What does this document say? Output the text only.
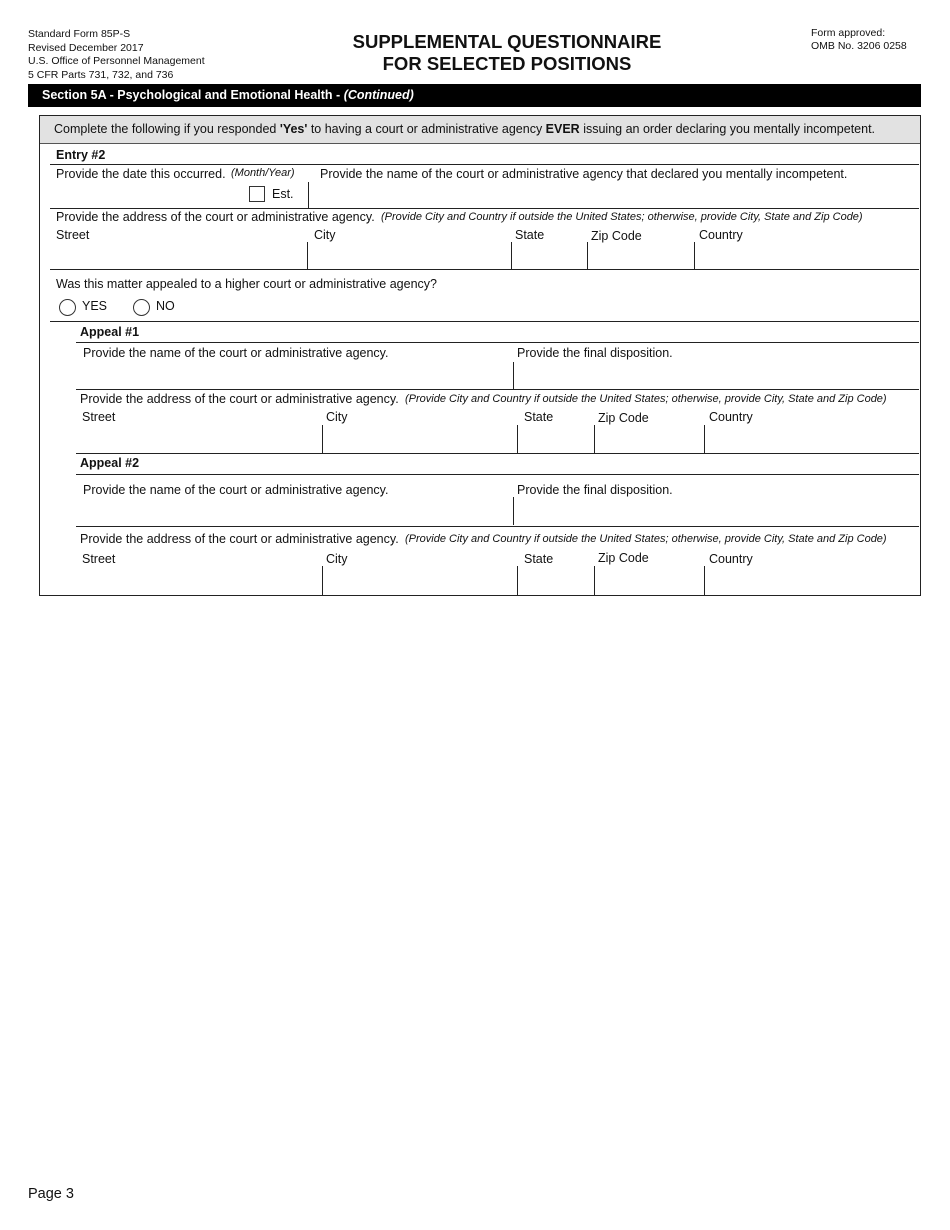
Standard Form 85P-S
Revised December 2017
U.S. Office of Personnel Management
5 CFR Parts 731, 732, and 736
SUPPLEMENTAL QUESTIONNAIRE
FOR SELECTED POSITIONS
Form approved:
OMB No. 3206 0258
Section 5A - Psychological and Emotional Health - (Continued)
Complete the following if you responded 'Yes' to having a court or administrative agency EVER issuing an order declaring you mentally incompetent.
Entry #2
Provide the date this occurred. (Month/Year)
Est.
Provide the name of the court or administrative agency that declared you mentally incompetent.
Provide the address of the court or administrative agency. (Provide City and Country if outside the United States; otherwise, provide City, State and Zip Code)
Street	City	State	Zip Code	Country
Was this matter appealed to a higher court or administrative agency?
YES	NO
Appeal #1
Provide the name of the court or administrative agency.	Provide the final disposition.
Provide the address of the court or administrative agency. (Provide City and Country if outside the United States; otherwise, provide City, State and Zip Code)
Street	City	State	Zip Code	Country
Appeal #2
Provide the name of the court or administrative agency.	Provide the final disposition.
Provide the address of the court or administrative agency. (Provide City and Country if outside the United States; otherwise, provide City, State and Zip Code)
Street	City	State	Zip Code	Country
Page 3
